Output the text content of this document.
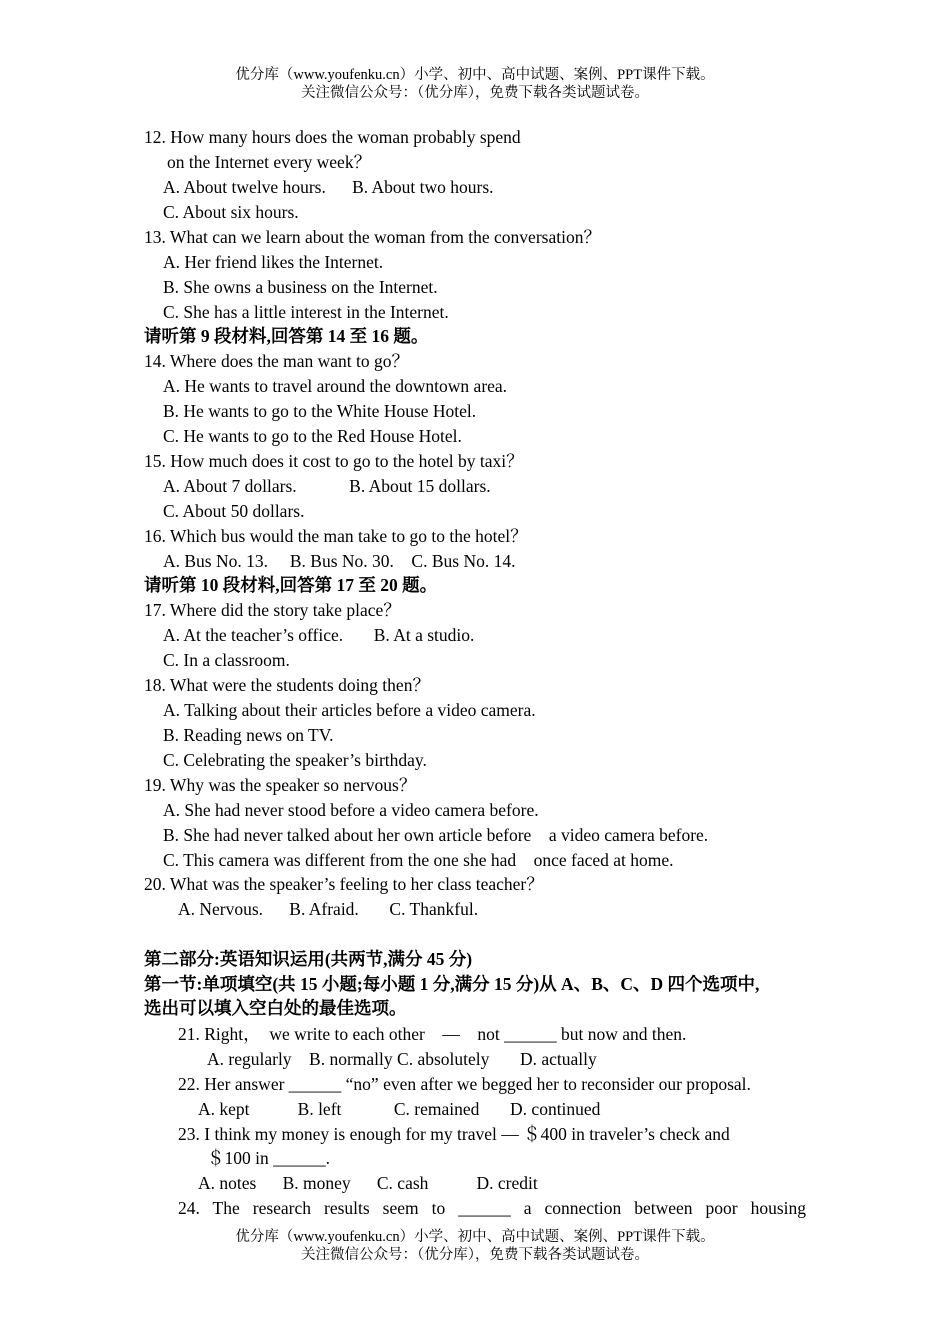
优分库（www.youfenku.cn）小学、初中、高中试题、案例、PPT课件下载。
关注微信公众号：（优分库），免费下载各类试题试卷。
12. How many hours does the woman probably spend
on the Internet every week？
A. About twelve hours.      B. About two hours.
C. About six hours.
13. What can we learn about the woman from the conversation？
A. Her friend likes the Internet.
B. She owns a business on the Internet.
C. She has a little interest in the Internet.
请听第 9 段材料,回答第 14 至 16 题。
14. Where does the man want to go？
A. He wants to travel around the downtown area.
B. He wants to go to the White House Hotel.
C. He wants to go to the Red House Hotel.
15. How much does it cost to go to the hotel by taxi？
A. About 7 dollars.            B. About 15 dollars.
C. About 50 dollars.
16. Which bus would the man take to go to the hotel？
A. Bus No. 13.     B. Bus No. 30.    C. Bus No. 14.
请听第 10 段材料,回答第 17 至 20 题。
17. Where did the story take place？
A. At the teacher’s office.       B. At a studio.
C. In a classroom.
18. What were the students doing then？
A. Talking about their articles before a video camera.
B. Reading news on TV.
C. Celebrating the speaker’s birthday.
19. Why was the speaker so nervous？
A. She had never stood before a video camera before.
B. She had never talked about her own article before    a video camera before.
C. This camera was different from the one she had    once faced at home.
20. What was the speaker’s feeling to her class teacher？
A. Nervous.      B. Afraid.       C. Thankful.
第二部分:英语知识运用(共两节,满分 45 分)
第一节:单项填空(共 15 小题;每小题 1 分,满分 15 分)从 A、B、C、D 四个选项中,
选出可以填入空白处的最佳选项。
21. Right，  we write to each other    —    not ______ but now and then.
A. regularly    B. normally C. absolutely       D. actually
22. Her answer ______ “no” even after we begged her to reconsider our proposal.
A. kept           B. left            C. remained       D. continued
23. I think my money is enough for my travel — ＄400 in traveler’s check and
＄100 in ______.
A. notes      B. money      C. cash           D. credit
24. The research results seem to ______ a connection between poor housing
优分库（www.youfenku.cn）小学、初中、高中试题、案例、PPT课件下载。
关注微信公众号：（优分库），免费下载各类试题试卷。
